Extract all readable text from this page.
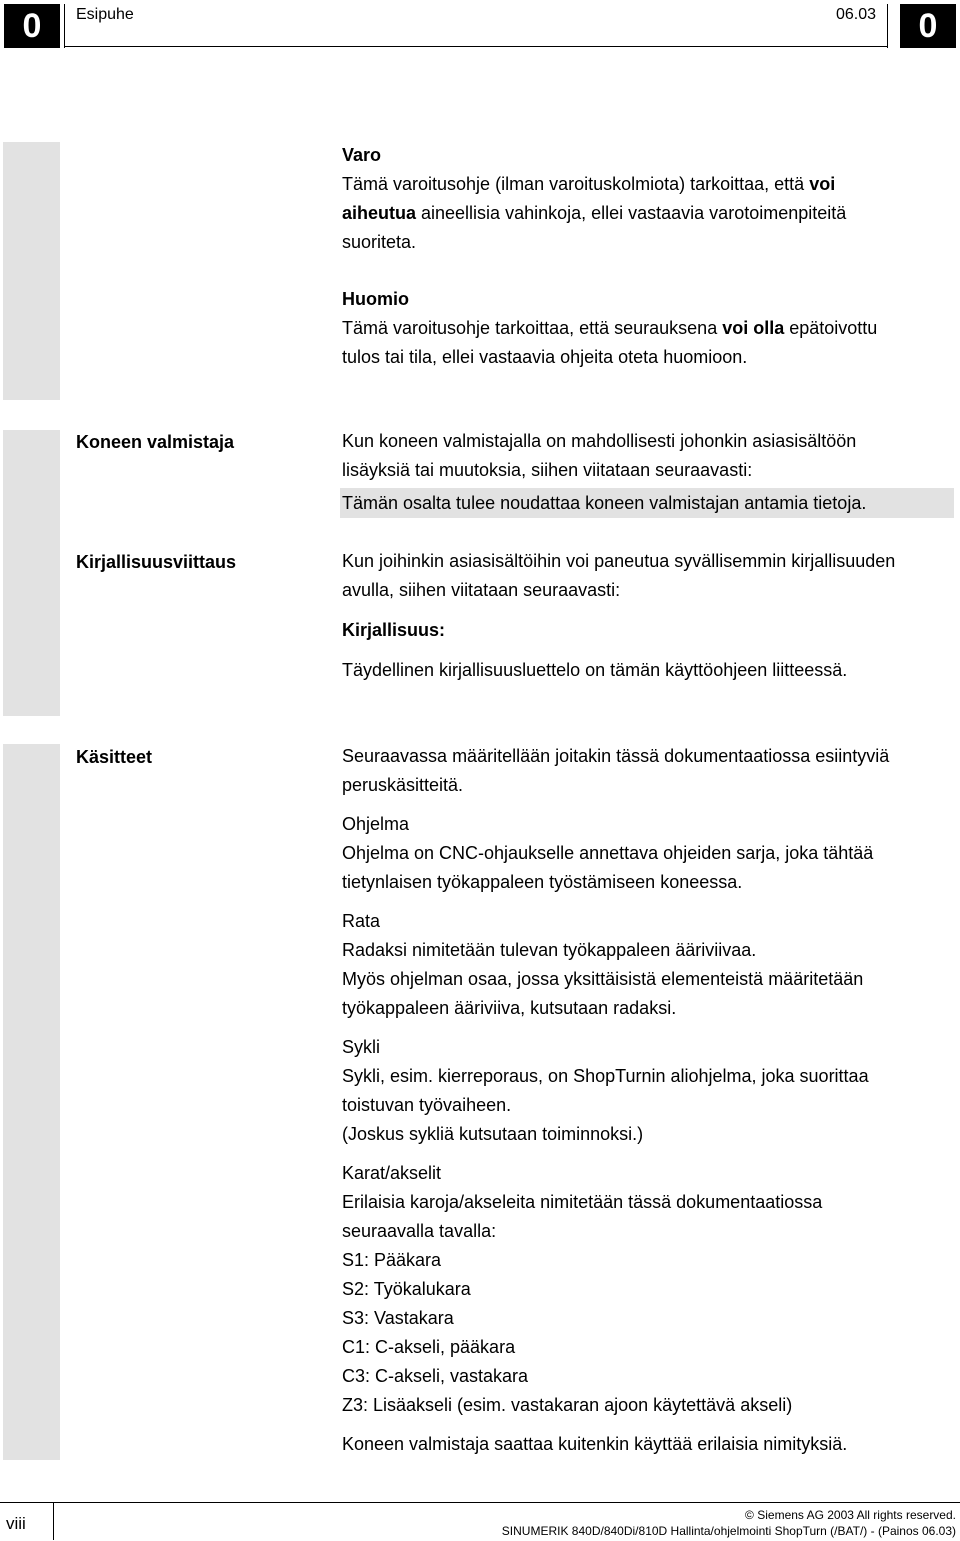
0	Esipuhe	06.03	0

Varo

Tämä varoitusohje (ilman varoituskolmiota) tarkoittaa, että voi

aiheutua aineellisia vahinkoja, ellei vastaavia varotoimenpiteitä

suoriteta.

Huomio

Tämä varoitusohje tarkoittaa, että seurauksena voi olla epätoivottu

tulos tai tila, ellei vastaavia ohjeita oteta huomioon.

Koneen valmistaja	Kun koneen valmistajalla on mahdollisesti johonkin asiasisältöön

lisäyksiä tai muutoksia, siihen viitataan seuraavasti:

Tämän osalta tulee noudattaa koneen valmistajan antamia tietoja.

Kirjallisuusviittaus	Kun joihinkin asiasisältöihin voi paneutua syvällisemmin kirjallisuuden

avulla, siihen viitataan seuraavasti:

Kirjallisuus:

Täydellinen kirjallisuusluettelo on tämän käyttöohjeen liitteessä.

Käsitteet	Seuraavassa määritellään joitakin tässä dokumentaatiossa esiintyviä

peruskäsitteitä.

Ohjelma

Ohjelma on CNC-ohjaukselle annettava ohjeiden sarja, joka tähtää

tietynlaisen työkappaleen työstämiseen koneessa.

Rata

Radaksi nimitetään tulevan työkappaleen ääriviivaa.

Myös ohjelman osaa, jossa yksittäisistä elementeistä määritetään

työkappaleen ääriviiva, kutsutaan radaksi.

Sykli

Sykli, esim. kierreporaus, on ShopTurnin aliohjelma, joka suorittaa

toistuvan työvaiheen.

(Joskus sykliä kutsutaan toiminnoksi.)

Karat/akselit

Erilaisia karoja/akseleita nimitetään tässä dokumentaatiossa

seuraavalla tavalla:

S1: Pääkara

S2: Työkalukara

S3: Vastakara

C1: C-akseli, pääkara

C3: C-akseli, vastakara

Z3: Lisäakseli (esim. vastakaran ajoon käytettävä akseli)

Koneen valmistaja saattaa kuitenkin käyttää erilaisia nimityksiä.

viii	© Siemens AG 2003 All rights reserved.
SINUMERIK 840D/840Di/810D Hallinta/ohjelmointi ShopTurn (/BAT/) - (Painos 06.03)
